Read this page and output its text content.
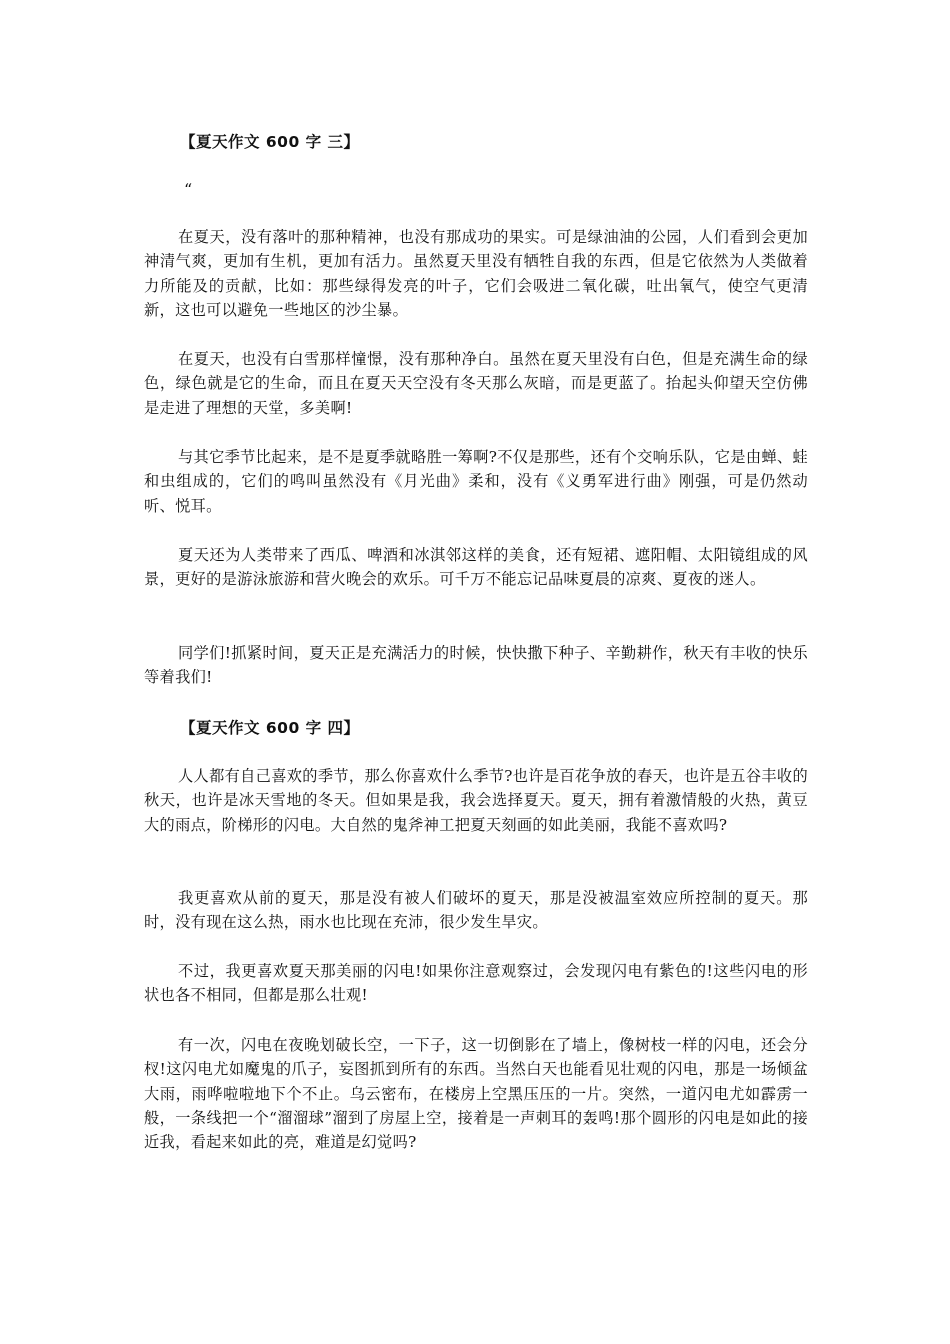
【夏天作文 600 字 三】
“

在夏天，没有落叶的那种精神，也没有那成功的果实。可是绿油油的公园，人们看到会更加神清气爽，更加有生机，更加有活力。虽然夏天里没有牺牲自我的东西，但是它依然为人类做着力所能及的贡献，比如：那些绿得发亮的叶子，它们会吸进二氧化碳，吐出氧气，使空气更清新，这也可以避免一些地区的沙尘暴。

在夏天，也没有白雪那样憧憬，没有那种净白。虽然在夏天里没有白色，但是充满生命的绿色，绿色就是它的生命，而且在夏天天空没有冬天那么灰暗，而是更蓝了。抬起头仰望天空仿佛是走进了理想的天堂，多美啊!

与其它季节比起来，是不是夏季就略胜一筹啊?不仅是那些，还有个交响乐队，它是由蝉、蛙和虫组成的，它们的鸣叫虽然没有《月光曲》柔和，没有《义勇军进行曲》刚强，可是仍然动听、悦耳。

夏天还为人类带来了西瓜、啤酒和冰淇邻这样的美食，还有短裙、遮阳帽、太阳镜组成的风景，更好的是游泳旅游和营火晚会的欢乐。可千万不能忘记品味夏晨的凉爽、夏夜的迷人。

同学们!抓紧时间，夏天正是充满活力的时候，快快撒下种子、辛勤耕作，秋天有丰收的快乐等着我们!

【夏天作文 600 字 四】

人人都有自己喜欢的季节，那么你喜欢什么季节?也许是百花争放的春天，也许是五谷丰收的秋天，也许是冰天雪地的冬天。但如果是我，我会选择夏天。夏天，拥有着激情般的火热，黄豆大的雨点，阶梯形的闪电。大自然的鬼斧神工把夏天刻画的如此美丽，我能不喜欢吗?

我更喜欢从前的夏天，那是没有被人们破坏的夏天，那是没被温室效应所控制的夏天。那时，没有现在这么热，雨水也比现在充沛，很少发生旱灾。

不过，我更喜欢夏天那美丽的闪电!如果你注意观察过，会发现闪电有紫色的!这些闪电的形状也各不相同，但都是那么壮观!

有一次，闪电在夜晚划破长空，一下子，这一切倒影在了墙上，像树枝一样的闪电，还会分杈!这闪电尤如魔鬼的爪子，妄图抓到所有的东西。当然白天也能看见壮观的闪电，那是一场倾盆大雨，雨哗啦啦地下个不止。乌云密布，在楼房上空黑压压的一片。突然，一道闪电尤如霹雳一般，一条线把一个“溜溜球”溜到了房屋上空，接着是一声刺耳的轰鸣!那个圆形的闪电是如此的接近我，看起来如此的亮，难道是幻觉吗?
